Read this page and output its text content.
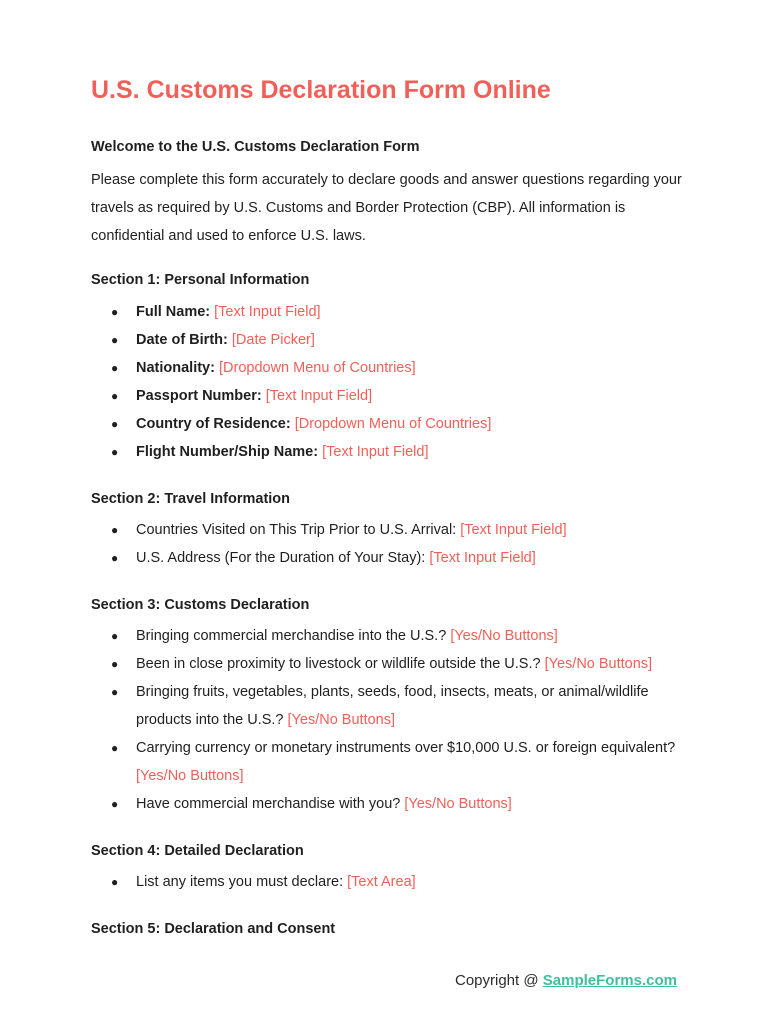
U.S. Customs Declaration Form Online
Welcome to the U.S. Customs Declaration Form

Please complete this form accurately to declare goods and answer questions regarding your travels as required by U.S. Customs and Border Protection (CBP). All information is confidential and used to enforce U.S. laws.

Section 1: Personal Information
● Full Name: [Text Input Field]
● Date of Birth: [Date Picker]
● Nationality: [Dropdown Menu of Countries]
● Passport Number: [Text Input Field]
● Country of Residence: [Dropdown Menu of Countries]
● Flight Number/Ship Name: [Text Input Field]
Section 2: Travel Information
● Countries Visited on This Trip Prior to U.S. Arrival: [Text Input Field]
● U.S. Address (For the Duration of Your Stay): [Text Input Field]
Section 3: Customs Declaration
● Bringing commercial merchandise into the U.S.? [Yes/No Buttons]
● Been in close proximity to livestock or wildlife outside the U.S.? [Yes/No Buttons]
● Bringing fruits, vegetables, plants, seeds, food, insects, meats, or animal/wildlife products into the U.S.? [Yes/No Buttons]
● Carrying currency or monetary instruments over $10,000 U.S. or foreign equivalent? [Yes/No Buttons]
● Have commercial merchandise with you? [Yes/No Buttons]
Section 4: Detailed Declaration
● List any items you must declare: [Text Area]
Section 5: Declaration and Consent
Copyright @ SampleForms.com
